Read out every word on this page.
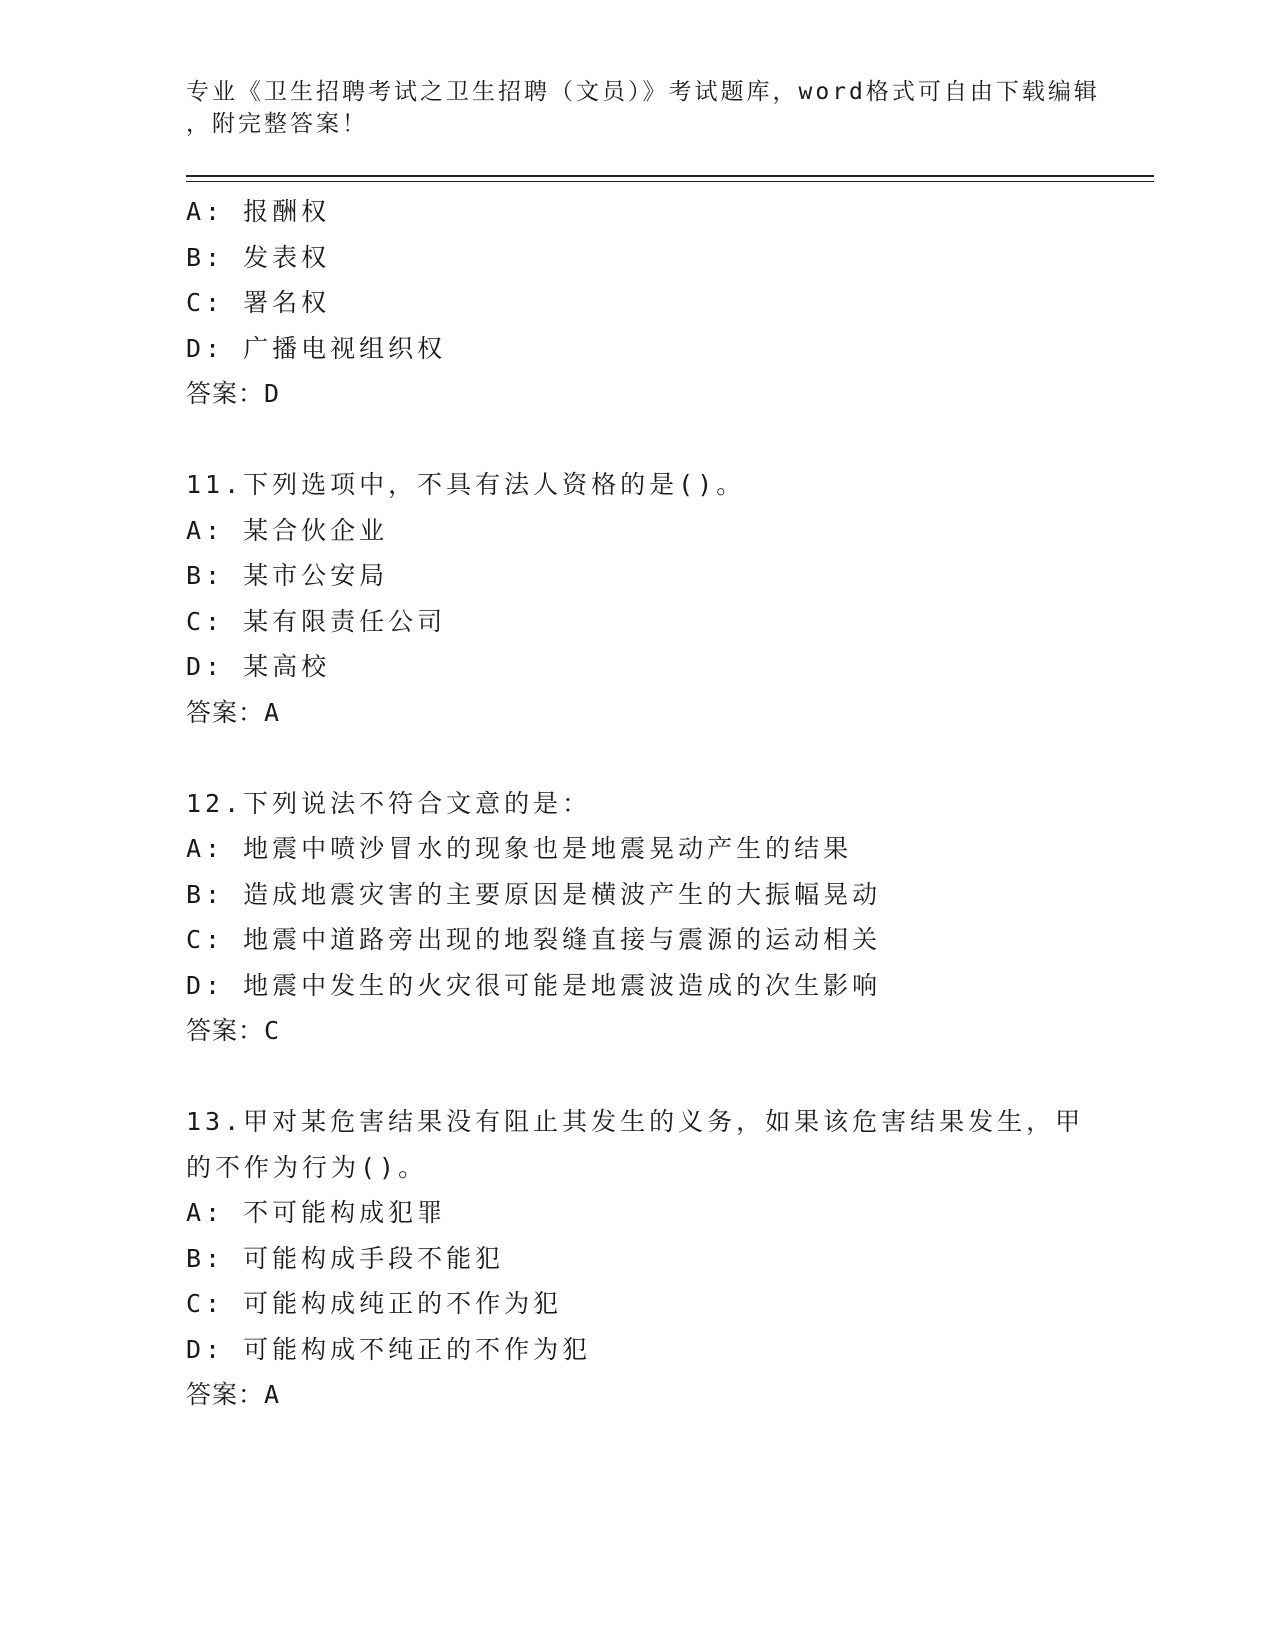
专业《卫生招聘考试之卫生招聘（文员）》考试题库，word格式可自由下载编辑
，附完整答案！
A: 报酬权
B: 发表权
C: 署名权
D: 广播电视组织权
答案：D
11.下列选项中，不具有法人资格的是()。
A: 某合伙企业
B: 某市公安局
C: 某有限责任公司
D: 某高校
答案：A
12.下列说法不符合文意的是：
A: 地震中喷沙冒水的现象也是地震晃动产生的结果
B: 造成地震灾害的主要原因是横波产生的大振幅晃动
C: 地震中道路旁出现的地裂缝直接与震源的运动相关
D: 地震中发生的火灾很可能是地震波造成的次生影响
答案：C
13.甲对某危害结果没有阻止其发生的义务，如果该危害结果发生，甲
的不作为行为()。
A: 不可能构成犯罪
B: 可能构成手段不能犯
C: 可能构成纯正的不作为犯
D: 可能构成不纯正的不作为犯
答案：A
